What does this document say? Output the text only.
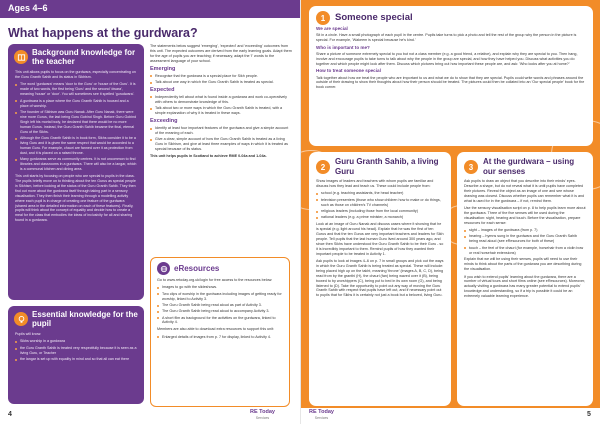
Ages 4–6
What happens at the gurdwara?
Background knowledge for the teacher

This unit allows pupils to focus on the gurdwara, especially concentrating on the Guru Granth Sahib and its status in Sikhism.

The word 'gurdwara' means 'door to the Guru' or 'house of the Guru'. It is made of two words, the first being 'Guru' and the second 'dwara', meaning 'house' or 'door'. You will sometimes see it spelled 'gurudwara'.
A gurdwara is a place where the Guru Granth Sahib is housed and a place of worship.
The founder of Sikhism was Guru Nanak. After Guru Nanak, there were nine more Gurus, the last being Guru Gobind Singh. Before Guru Gobind Singh left his mortal body, he declared that there would be no more human Gurus. Instead, the Guru Granth Sahib became the final, eternal Guru of the Sikhs.
Although the Guru Granth Sahib is in book form, Sikhs consider it to be a living Guru and it is given the same respect that would be accorded to a human Guru. For example, chauri are fanned over it as protection from dust, and it is placed on a raised throne.
Many gurdwaras serve as community centres. It is not uncommon to find libraries and classrooms in a gurdwara. There will also be a langar, which is a communal kitchen and dining area.

This unit starts by focusing on people who are special to pupils in the class. The pupils briefly move on to thinking about the ten Gurus as special people in Sikhism, before looking at the status of the Guru Granth Sahib. They then find out more about the gurdwara itself through taking part in a sensory visualisation. They then finish their learning through a modelling activity where each pupil is in charge of creating one feature of the gurdwara (shared area in the detailed information on each of these features). Finally, pupils will think about the concept of equality and decide how to create a meal for the class that embodies the ideas of inclusivity for all and sharing found in a gurdwara.

Essential knowledge for the pupil

Pupils will know:

Sikhs worship in a gurdwara
the Guru Granth Sahib is treated very respectfully because it is seen as a living Guru, or Teacher
the langar is set up with equality in mind and so that all can eat there

The statements below suggest 'emerging', 'expected' and 'exceeding' outcomes from this unit. The expected outcomes are derived from the early learning goals. Adapt them for the age of pupils you are teaching; if necessary, adapt the 'I' words to the assessment language of your school.

Emerging
Recognise that the gurdwara is a special place for Sikh people.
Talk about one way in which the Guru Granth Sahib is treated as special.
Expected
Independently tell about what is found inside a gurdwara and work co-operatively with others to demonstrate knowledge of this.
Talk about two or more ways in which the Guru Granth Sahib is treated, with a simple explanation of why it is treated in these ways.
Exceeding
Identify at least four important features of the gurdwara and give a simple account of the meaning of each.
Give a clear, simple account of how the Guru Granth Sahib is treated as a living Guru in Sikhism, and give at least three examples of ways in which it is treated as special because of its status.

This unit helps pupils in Scotland to achieve RME 0-04a and 1-04a.

eResources

Go to www.retoday.org.uk/login for free access to the resources below:

Images to go with the slideshows.
Two clips of worship in the gurdwara including images of getting ready for worship, linked to Activity 3.
The Guru Granth Sahib being read aloud as part of Activity 3.
The Guru Granth Sahib being read aloud to accompany Activity 3.
A short film as background for the activities on the gurdwara, linked to Activity 4.

Members are also able to download extra resources to support this unit:

Enlarged details of images from p. 7 for display, linked to Activity 4.
4	RE Today
Services
1	Someone special
We are special

Sit in a circle. Have a small photograph of each pupil in the centre. Pupils take turns to pick a photo and tell the rest of the group why the person in the picture is special. For example, 'Wakeem is special because he's kind.'

Who is important to me?

Share a picture of someone extremely special to you but not a class member (e.g. a good friend, a relative), and explain why they are special to you. Then hang, involve and encourage pupils to take turns to talk about why the people in the group are special, and how they have helped you. Discuss what activities you do together and which people might look after them. Discuss which pictures bring out how important these people are, and ask: 'Who looks after you at home?'

How to treat someone special

Talk together about how we treat the people who are important to us and what we do to show that they are special. Pupils could write words and phrases around the outside of their drawing to show their thoughts about how their person should be treated. The pictures could then be collated into an 'Our special people' book for the book corner.

2
Guru Granth Sahib, a living Guru

Show images of leaders and teachers with whom pupils are familiar and discuss how they lead and teach us. These could include people from:

school (e.g. teaching assistants, the head teacher)
television presenters (those who show children how to make or do things, such as those on children's TV channels)
religious leaders (including those from the local community)
national leaders (e.g. a prime minister, a monarch)

Look at an image of Guru Nanak and discuss cases where it showing that he is special (e.g. light around his head). Explain that he was the first of ten Gurus and that the ten Gurus are very important teachers and leaders for Sikh people. Tell pupils that the last human Guru lived around 300 years ago, and since then Sikhs have understood the Guru Granth Sahib to be their Guru - so it is incredibly important to them. Remind pupils of how they wanted their important people to be treated in Activity 1.

Ask pupils to look at images 4–6 on p. 7 in small groups and pick out the ways in which the Guru Granth Sahib is being treated as special. These will include: being placed high up on the takht, meaning 'throne' (images A, B, C, D), being read from by the granthi (H), the chauri (fan) being waved over it (B), being bowed to by worshippers (C), being put to bed in its own room (G), and being listened to (D). Take the opportunity to point out any way of moving the Guru Granth Sahib with respect that pupils have left out, and if necessary point out to pupils that for Sikhs it is certainly not just a book but a beloved, living Guru.

3
At the gurdwara – using our senses

Ask pupils to draw an object that you describe into their minds' eyes. Describe a shape, but do not reveal what it is until pupils have completed their pictures. Reveal the object as an image of one and see whose drawing was closest. Discuss whether pupils can remember what it is and what is used for in the gurdwara – if not, remind them.

Use the sensory visualisation script on p. 8 to help pupils learn more about the gurdwara. Three of the five senses will be used during the visualisation: sight, hearing and touch. Before the visualisation, prepare resources for each sense:

sight – images of the gurdwara (from p. 7)
hearing – hymns sung in the gurdwara and the Guru Granth Sahib being read aloud (see eResources for both of these)
touch – the feel of the chauri (for example, horsehair from a violin bow or real horsehair extensions)

Explain that we will be using their senses, pupils will need to use their minds to think about the parts of the gurdwara you are describing during the visualisation.

If you wish to extend pupils' learning about the gurdwara, there are a number of virtual tours and short films online (see eResources). Moreover, actually visiting a gurdwara has many greater potential to extend pupils' knowledge and understanding, so if a trip is possible it could be an extremely valuable learning experience.

RE Today
Services	5
